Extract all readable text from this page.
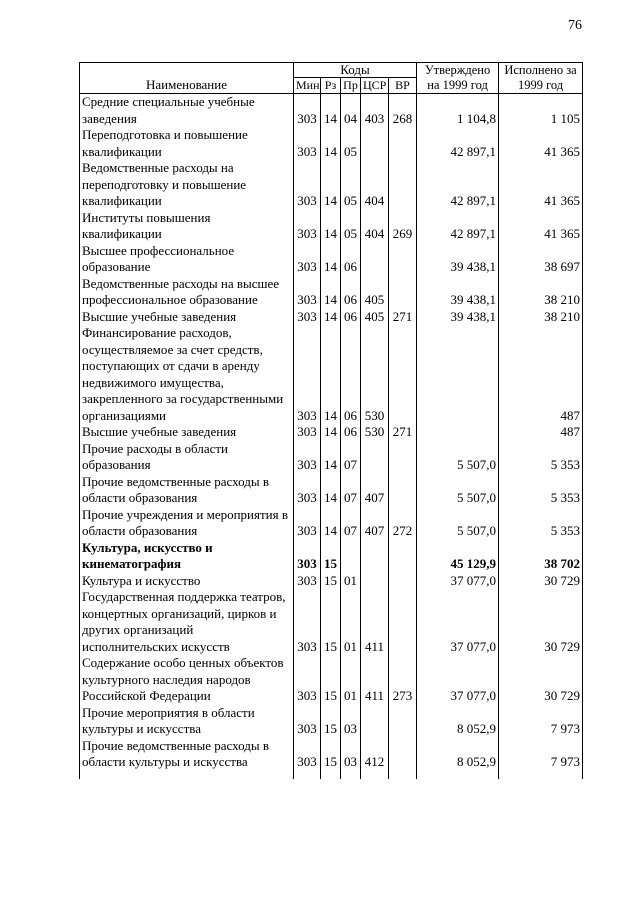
76
Наименование	Коды					Утверждено на 1999 год	Исполнено за 1999 год
	Мин	Рз	Пр	ЦСР	ВР		
Средние специальные учебные заведения	303	14	04	403	268	1 104,8	1 105
Переподготовка и повышение квалификации	303	14	05			42 897,1	41 365
Ведомственные расходы на переподготовку и повышение квалификации	303	14	05	404		42 897,1	41 365
Институты повышения квалификации	303	14	05	404	269	42 897,1	41 365
Высшее профессиональное образование	303	14	06			39 438,1	38 697
Ведомственные расходы на высшее профессиональное образование	303	14	06	405		39 438,1	38 210
Высшие учебные заведения	303	14	06	405	271	39 438,1	38 210
Финансирование расходов, осуществляемое за счет средств, поступающих от сдачи в аренду недвижимого имущества, закрепленного за государственными организациями	303	14	06	530			487
Высшие учебные заведения	303	14	06	530	271		487
Прочие расходы в области образования	303	14	07			5 507,0	5 353
Прочие ведомственные расходы в области образования	303	14	07	407		5 507,0	5 353
Прочие учреждения и мероприятия в области образования	303	14	07	407	272	5 507,0	5 353
Культура, искусство и кинематография	303	15				45 129,9	38 702
Культура и искусство	303	15	01			37 077,0	30 729
Государственная поддержка театров, концертных организаций, цирков и других организаций исполнительских искусств	303	15	01	411		37 077,0	30 729
Содержание особо ценных объектов культурного наследия народов Российской Федерации	303	15	01	411	273	37 077,0	30 729
Прочие мероприятия в области культуры и искусства	303	15	03			8 052,9	7 973
Прочие ведомственные расходы в области культуры и искусства	303	15	03	412		8 052,9	7 973
